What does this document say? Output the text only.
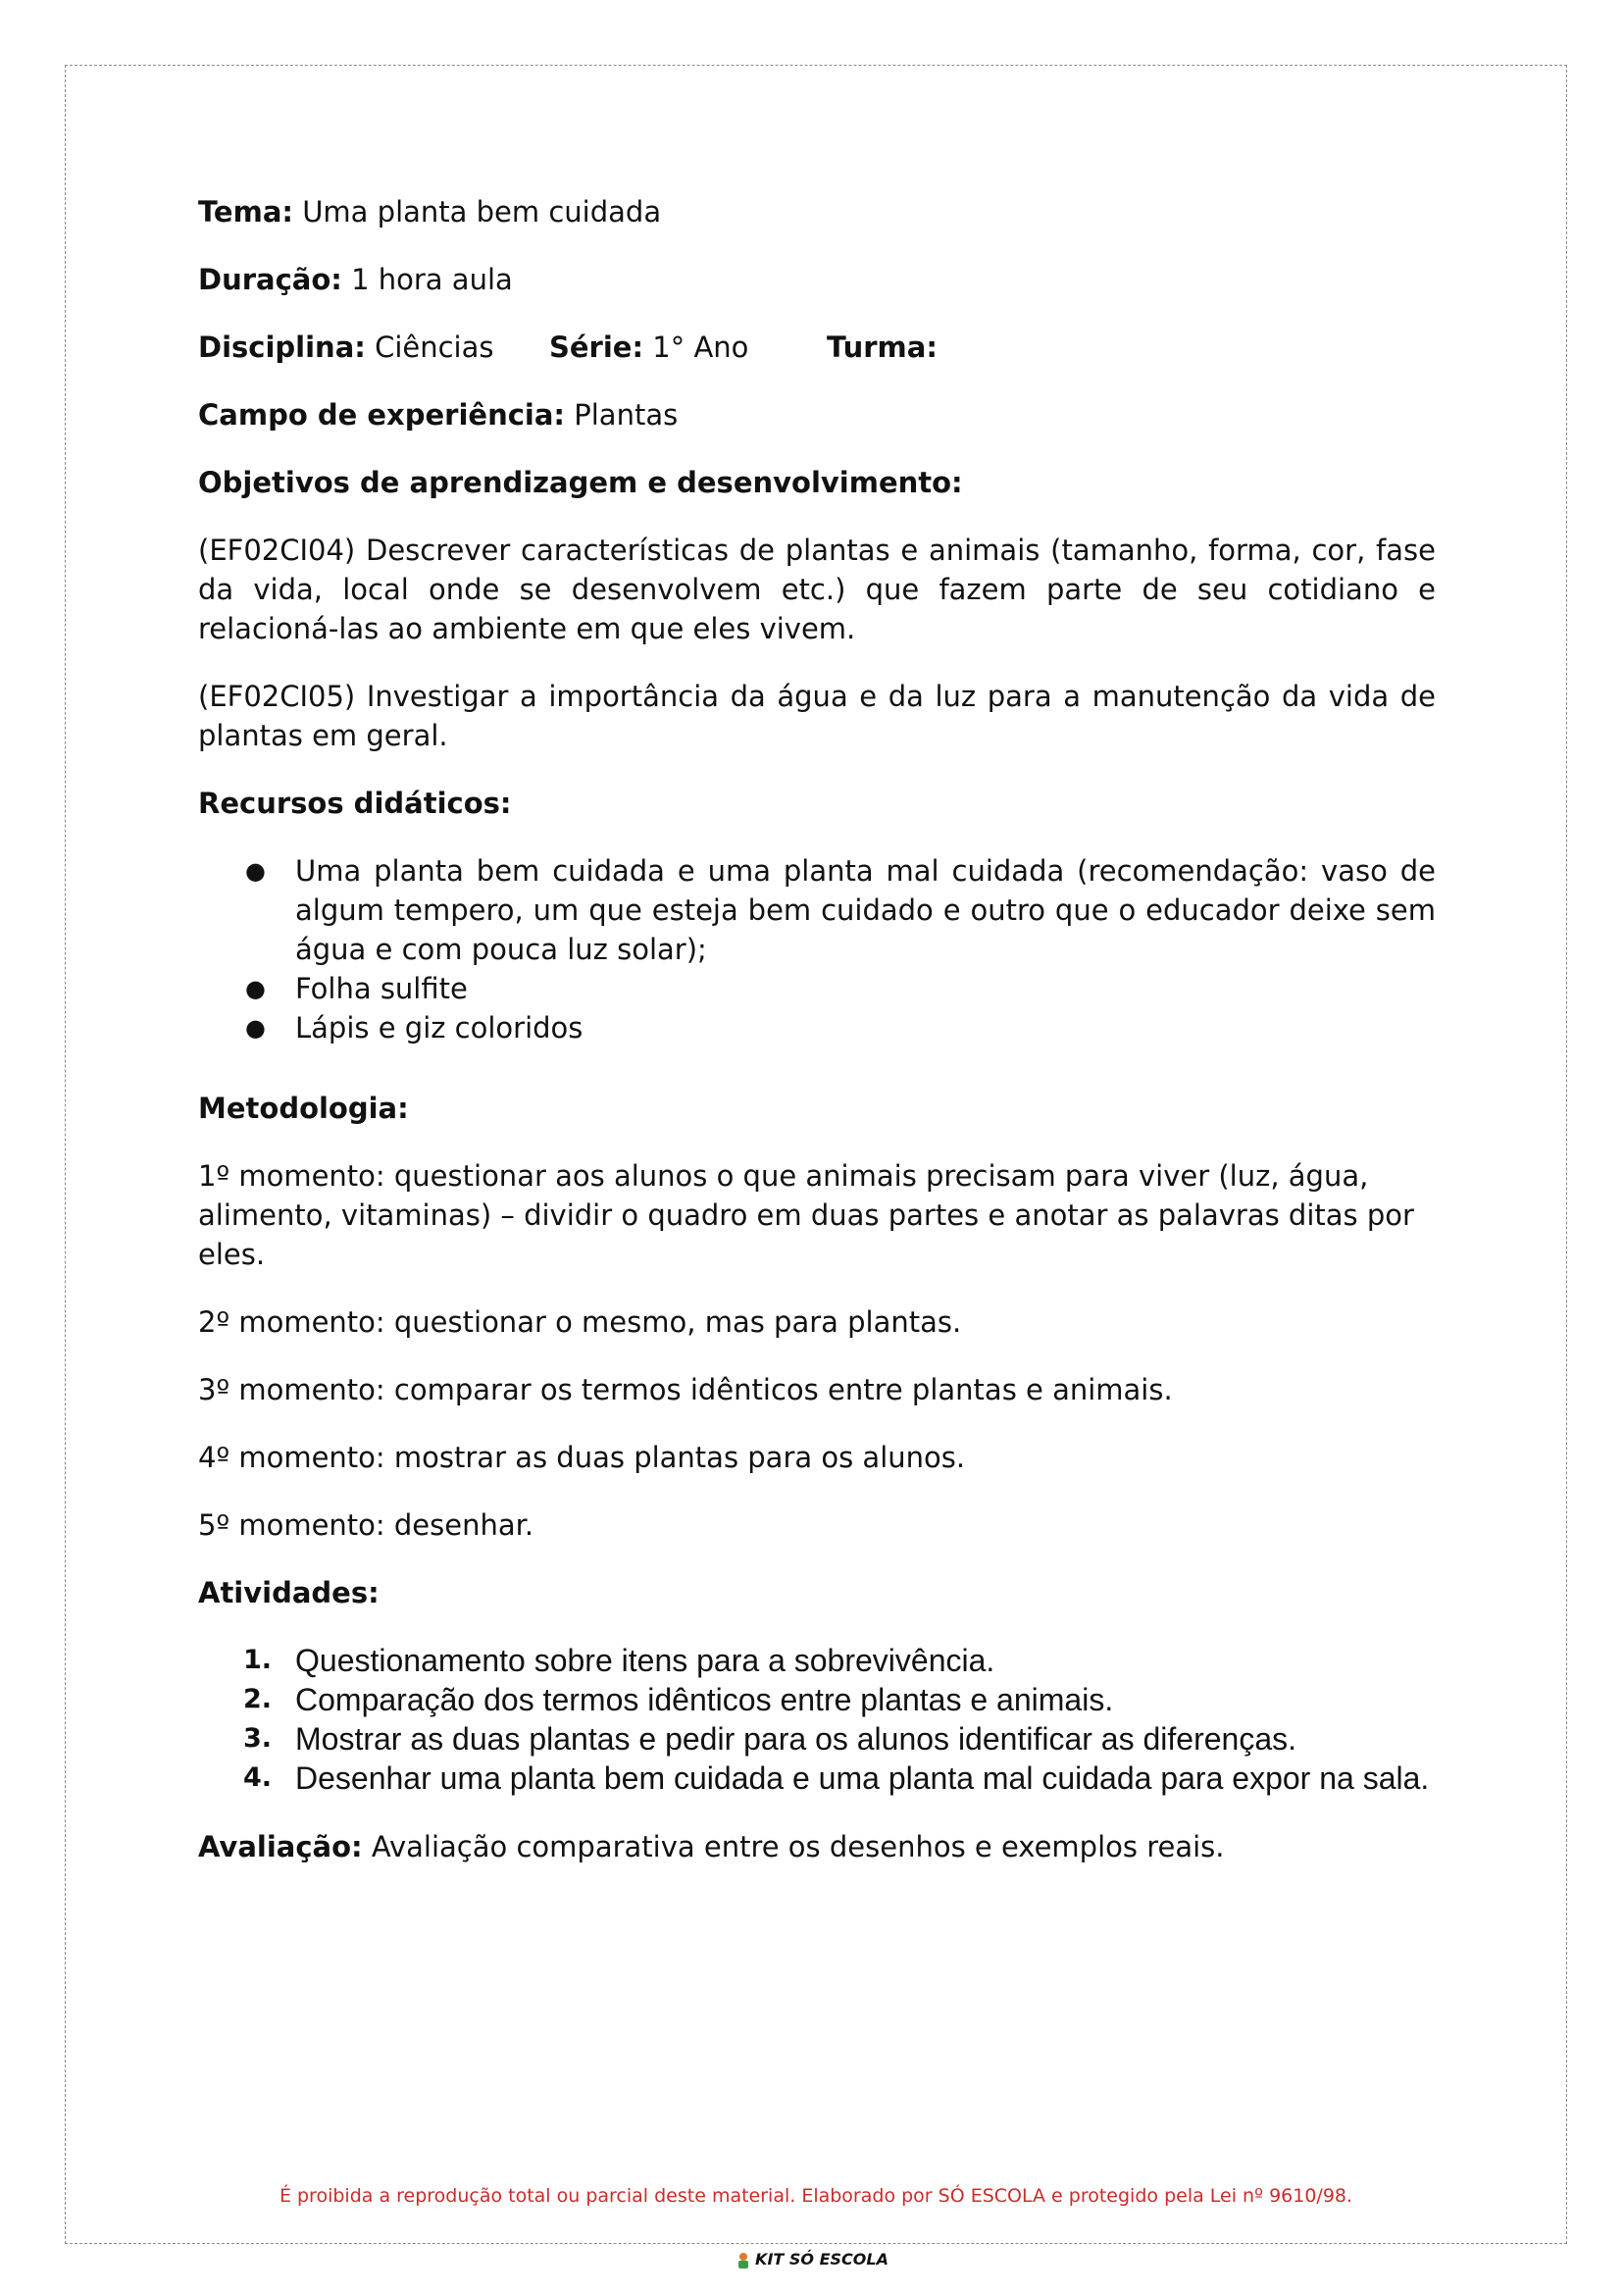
Tema: Uma planta bem cuidada

Duração: 1 hora aula

Disciplina: Ciências	Série: 1° Ano	Turma:

Campo de experiência: Plantas

Objetivos de aprendizagem e desenvolvimento:

(EF02CI04) Descrever características de plantas e animais (tamanho, forma, cor, fase da vida, local onde se desenvolvem etc.) que fazem parte de seu cotidiano e relacioná-las ao ambiente em que eles vivem.

(EF02CI05) Investigar a importância da água e da luz para a manutenção da vida de plantas em geral.

Recursos didáticos:

● Uma planta bem cuidada e uma planta mal cuidada (recomendação: vaso de algum tempero, um que esteja bem cuidado e outro que o educador deixe sem água e com pouca luz solar);
● Folha sulfite
● Lápis e giz coloridos

Metodologia:

1º momento: questionar aos alunos o que animais precisam para viver (luz, água, alimento, vitaminas) – dividir o quadro em duas partes e anotar as palavras ditas por eles.

2º momento: questionar o mesmo, mas para plantas.

3º momento: comparar os termos idênticos entre plantas e animais.

4º momento: mostrar as duas plantas para os alunos.

5º momento: desenhar.

Atividades:

1. Questionamento sobre itens para a sobrevivência.
2. Comparação dos termos idênticos entre plantas e animais.
3. Mostrar as duas plantas e pedir para os alunos identificar as diferenças.
4. Desenhar uma planta bem cuidada e uma planta mal cuidada para expor na sala.

Avaliação: Avaliação comparativa entre os desenhos e exemplos reais.

É proibida a reprodução total ou parcial deste material. Elaborado por SÓ ESCOLA e protegido pela Lei nº 9610/98.
KIT SÓ ESCOLA
